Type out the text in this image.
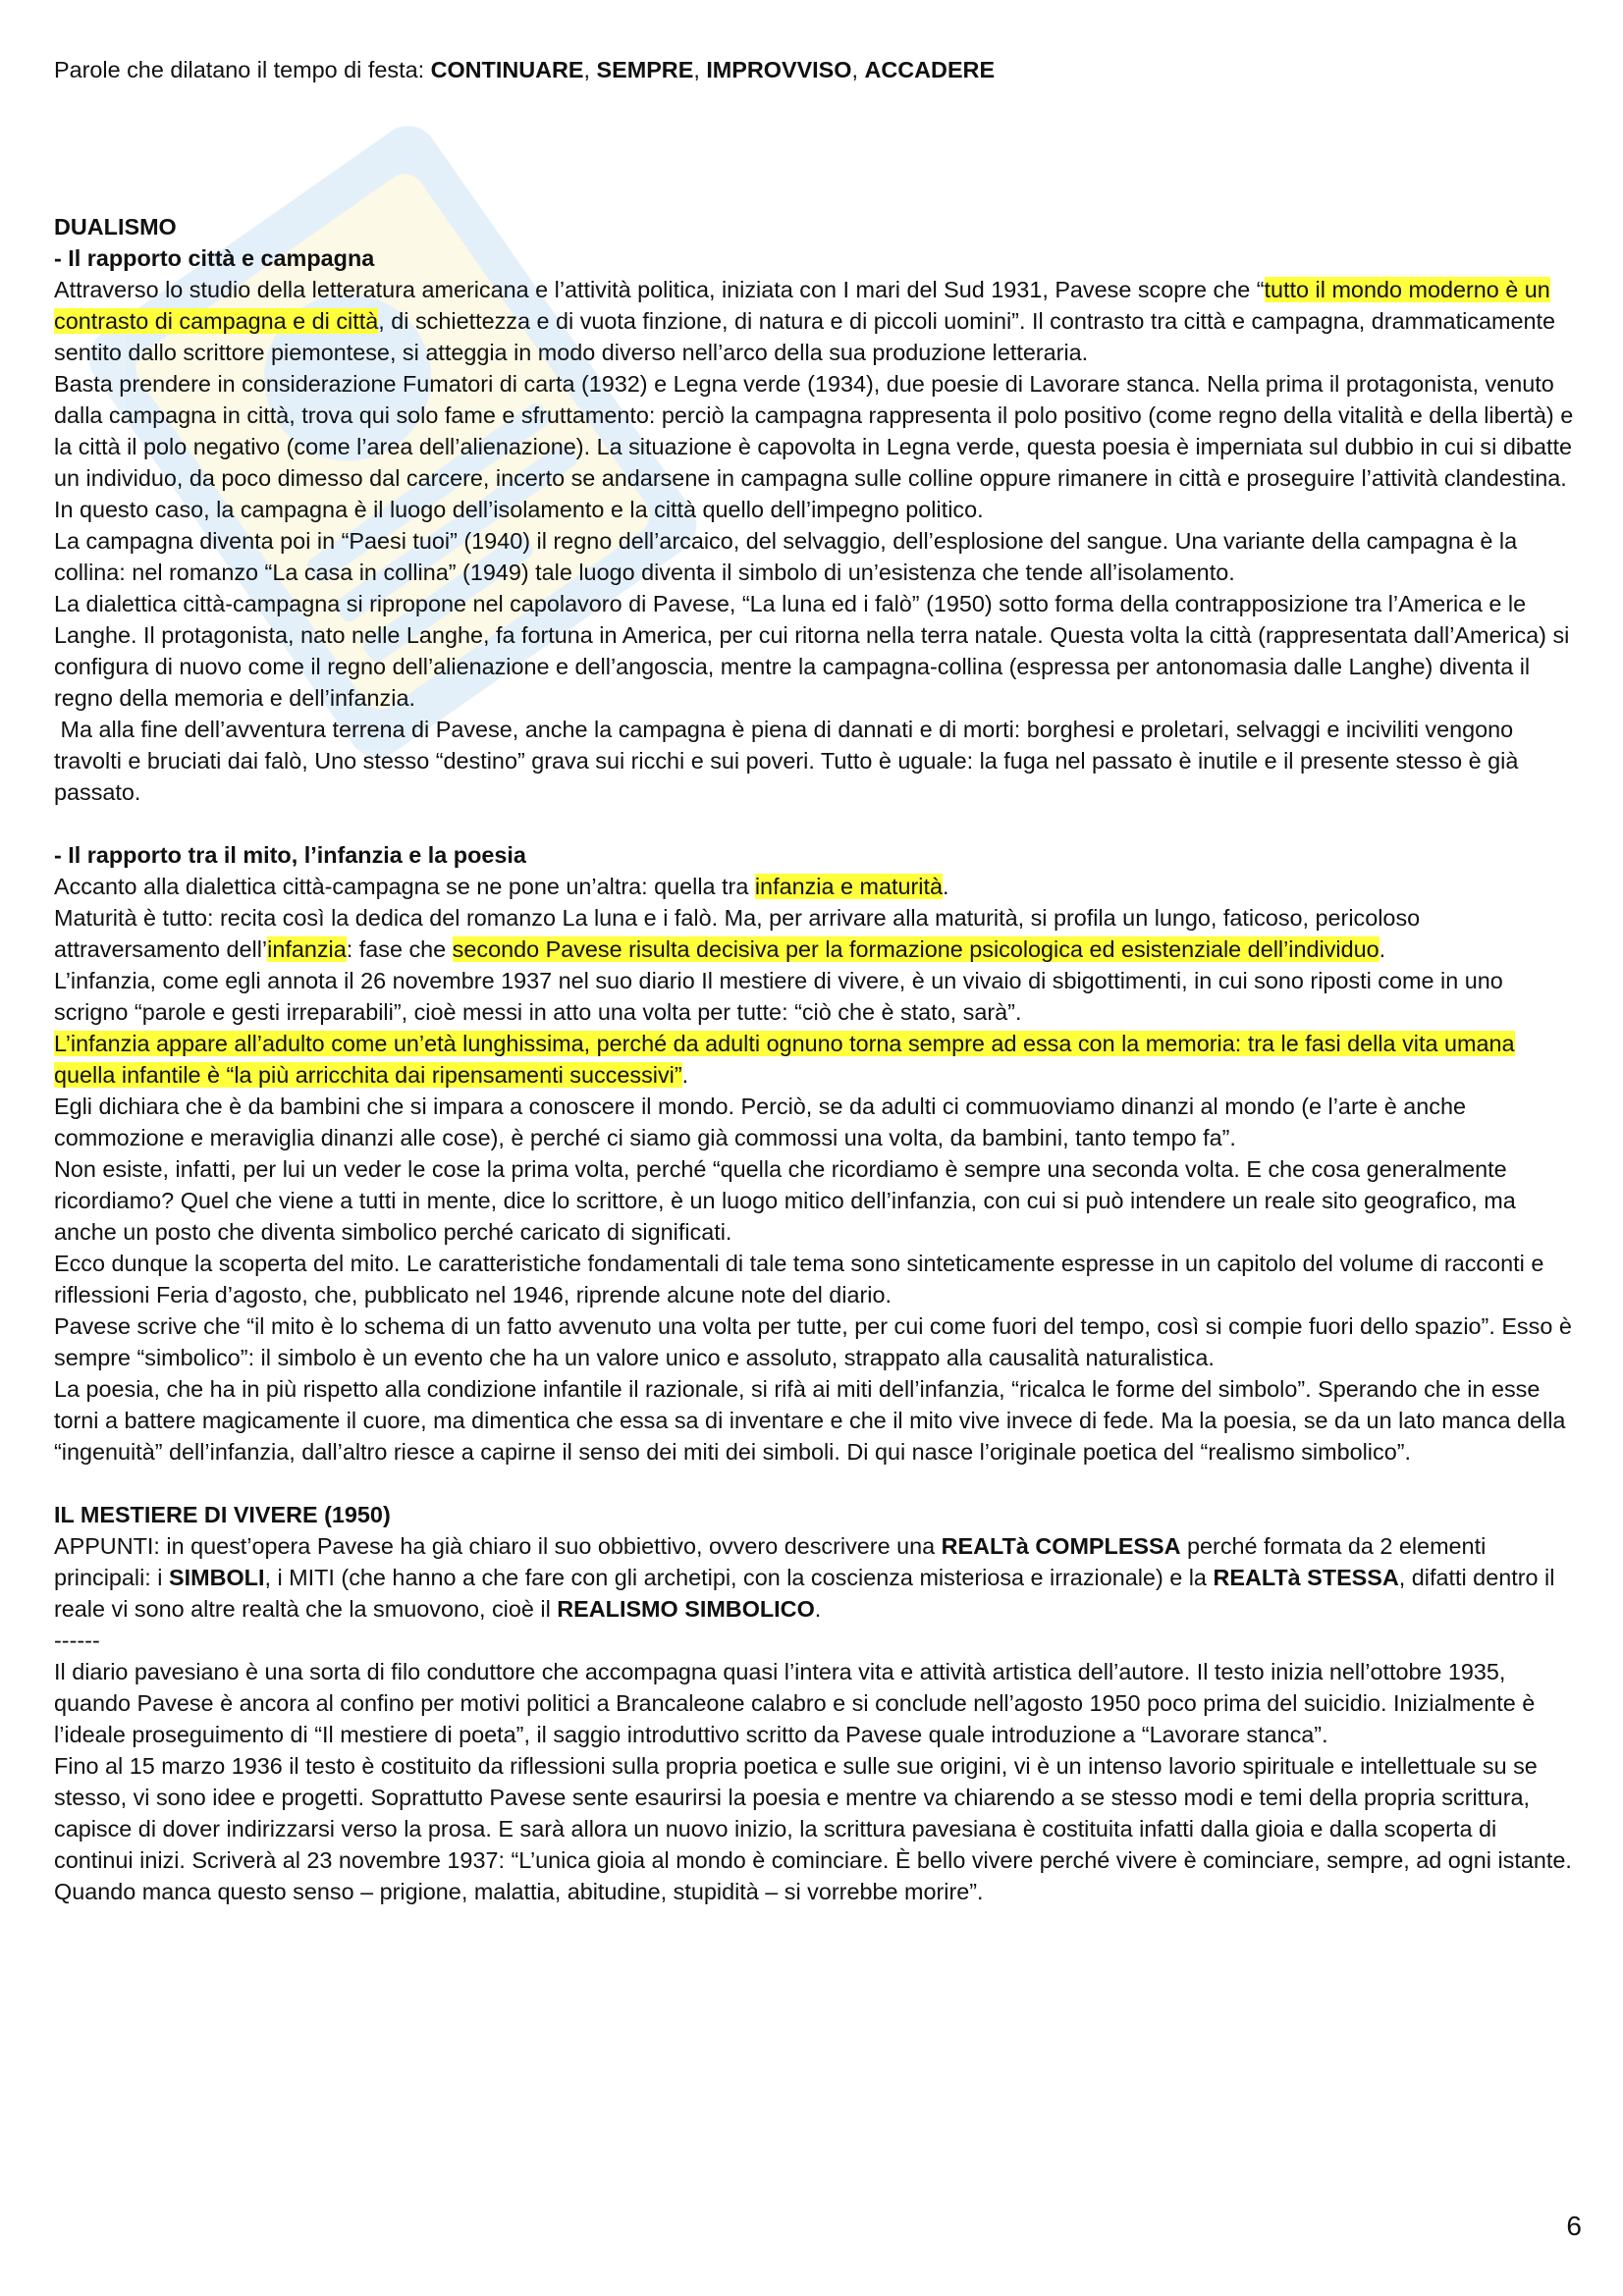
Parole che dilatano il tempo di festa: CONTINUARE, SEMPRE, IMPROVVISO, ACCADERE

DUALISMO
- Il rapporto città e campagna

Attraverso lo studio della letteratura americana e l’attività politica, iniziata con I mari del Sud 1931, Pavese scopre che “tutto il mondo moderno è un contrasto di campagna e di città, di schiettezza e di vuota finzione, di natura e di piccoli uomini”. Il contrasto tra città e campagna, drammaticamente sentito dallo scrittore piemontese, si atteggia in modo diverso nell’arco della sua produzione letteraria.

Basta prendere in considerazione Fumatori di carta (1932) e Legna verde (1934), due poesie di Lavorare stanca. Nella prima il protagonista, venuto dalla campagna in città, trova qui solo fame e sfruttamento: perciò la campagna rappresenta il polo positivo (come regno della vitalità e della libertà) e la città il polo negativo (come l’area dell’alienazione). La situazione è capovolta in Legna verde, questa poesia è imperniata sul dubbio in cui si dibatte un individuo, da poco dimesso dal carcere, incerto se andarsene in campagna sulle colline oppure rimanere in città e proseguire l’attività clandestina. In questo caso, la campagna è il luogo dell’isolamento e la città quello dell’impegno politico.

La campagna diventa poi in “Paesi tuoi” (1940) il regno dell’arcaico, del selvaggio, dell’esplosione del sangue. Una variante della campagna è la collina: nel romanzo “La casa in collina” (1949) tale luogo diventa il simbolo di un’esistenza che tende all’isolamento.

La dialettica città-campagna si ripropone nel capolavoro di Pavese, “La luna ed i falò” (1950) sotto forma della contrapposizione tra l’America e le Langhe. Il protagonista, nato nelle Langhe, fa fortuna in America, per cui ritorna nella terra natale. Questa volta la città (rappresentata dall’America) si configura di nuovo come il regno dell’alienazione e dell’angoscia, mentre la campagna-collina (espressa per antonomasia dalle Langhe) diventa il regno della memoria e dell’infanzia.

Ma alla fine dell’avventura terrena di Pavese, anche la campagna è piena di dannati e di morti: borghesi e proletari, selvaggi e inciviliti vengono travolti e bruciati dai falò, Uno stesso “destino” grava sui ricchi e sui poveri. Tutto è uguale: la fuga nel passato è inutile e il presente stesso è già passato.

- Il rapporto tra il mito, l’infanzia e la poesia

Accanto alla dialettica città-campagna se ne pone un’altra: quella tra infanzia e maturità.

Maturità è tutto: recita così la dedica del romanzo La luna e i falò. Ma, per arrivare alla maturità, si profila un lungo, faticoso, pericoloso attraversamento dell’infanzia: fase che secondo Pavese risulta decisiva per la formazione psicologica ed esistenziale dell’individuo.

L’infanzia, come egli annota il 26 novembre 1937 nel suo diario Il mestiere di vivere, è un vivaio di sbigottimenti, in cui sono riposti come in uno scrigno “parole e gesti irreparabili”, cioè messi in atto una volta per tutte: “ciò che è stato, sarà”.

L’infanzia appare all’adulto come un’età lunghissima, perché da adulti ognuno torna sempre ad essa con la memoria: tra le fasi della vita umana quella infantile è “la più arricchita dai ripensamenti successivi”.

Egli dichiara che è da bambini che si impara a conoscere il mondo. Perciò, se da adulti ci commuoviamo dinanzi al mondo (e l’arte è anche commozione e meraviglia dinanzi alle cose), è perché ci siamo già commossi una volta, da bambini, tanto tempo fa”.

Non esiste, infatti, per lui un veder le cose la prima volta, perché “quella che ricordiamo è sempre una seconda volta. E che cosa generalmente ricordiamo? Quel che viene a tutti in mente, dice lo scrittore, è un luogo mitico dell’infanzia, con cui si può intendere un reale sito geografico, ma anche un posto che diventa simbolico perché caricato di significati.

Ecco dunque la scoperta del mito. Le caratteristiche fondamentali di tale tema sono sinteticamente espresse in un capitolo del volume di racconti e riflessioni Feria d’agosto, che, pubblicato nel 1946, riprende alcune note del diario.

Pavese scrive che “il mito è lo schema di un fatto avvenuto una volta per tutte, per cui come fuori del tempo, così si compie fuori dello spazio”. Esso è sempre “simbolico”: il simbolo è un evento che ha un valore unico e assoluto, strappato alla causalità naturalistica.

La poesia, che ha in più rispetto alla condizione infantile il razionale, si rifà ai miti dell’infanzia, “ricalca le forme del simbolo”. Sperando che in esse torni a battere magicamente il cuore, ma dimentica che essa sa di inventare e che il mito vive invece di fede. Ma la poesia, se da un lato manca della “ingenuità” dell’infanzia, dall’altro riesce a capirne il senso dei miti dei simboli. Di qui nasce l’originale poetica del “realismo simbolico”.

IL MESTIERE DI VIVERE (1950)

APPUNTI: in quest’opera Pavese ha già chiaro il suo obbiettivo, ovvero descrivere una REALTà COMPLESSA perché formata da 2 elementi principali: i SIMBOLI, i MITI (che hanno a che fare con gli archetipi, con la coscienza misteriosa e irrazionale) e la REALTà STESSA, difatti dentro il reale vi sono altre realtà che la smuovono, cioè il REALISMO SIMBOLICO.

------

Il diario pavesiano è una sorta di filo conduttore che accompagna quasi l’intera vita e attività artistica dell’autore. Il testo inizia nell’ottobre 1935, quando Pavese è ancora al confino per motivi politici a Brancaleone calabro e si conclude nell’agosto 1950 poco prima del suicidio. Inizialmente è l’ideale proseguimento di “Il mestiere di poeta”, il saggio introduttivo scritto da Pavese quale introduzione a “Lavorare stanca”.

Fino al 15 marzo 1936 il testo è costituito da riflessioni sulla propria poetica e sulle sue origini, vi è un intenso lavorio spirituale e intellettuale su se stesso, vi sono idee e progetti. Soprattutto Pavese sente esaurirsi la poesia e mentre va chiarendo a se stesso modi e temi della propria scrittura, capisce di dover indirizzarsi verso la prosa. E sarà allora un nuovo inizio, la scrittura pavesiana è costituita infatti dalla gioia e dalla scoperta di continui inizi. Scriverà al 23 novembre 1937: “L’unica gioia al mondo è cominciare. È bello vivere perché vivere è cominciare, sempre, ad ogni istante. Quando manca questo senso – prigione, malattia, abitudine, stupidità – si vorrebbe morire”.

6
